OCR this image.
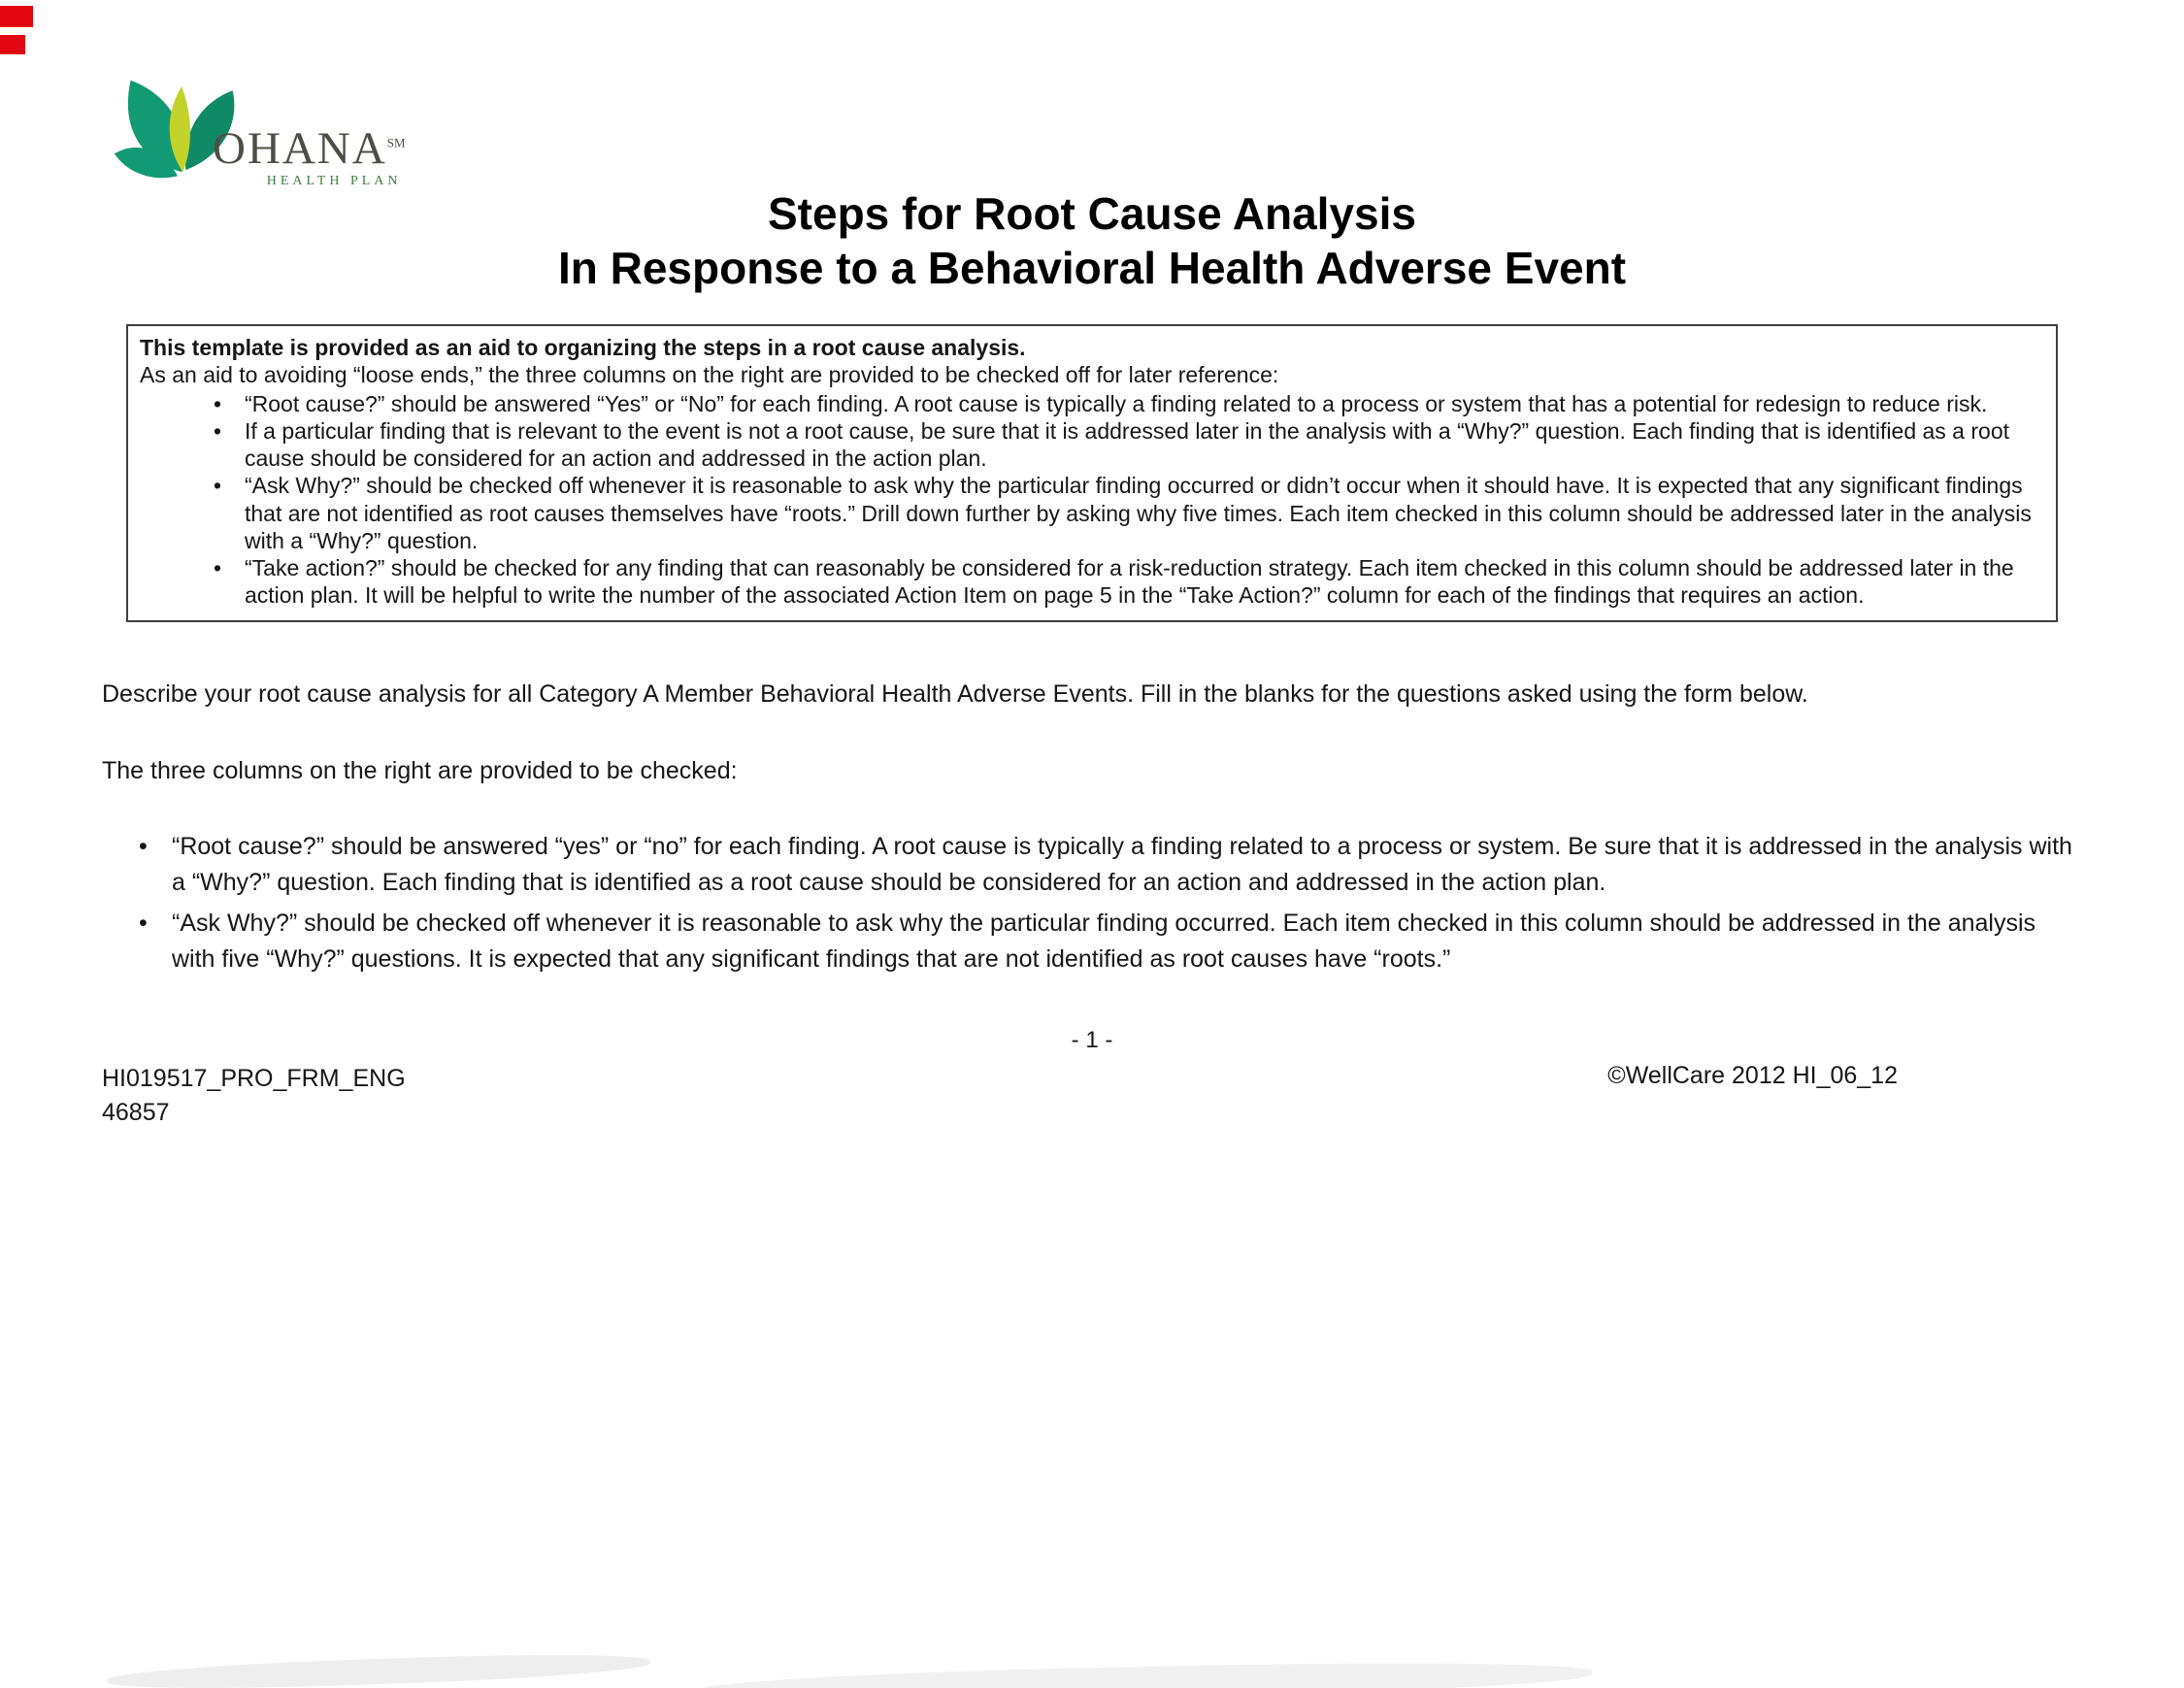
OHANA℠
HEALTH PLAN
Steps for Root Cause Analysis
In Response to a Behavioral Health Adverse Event

This template is provided as an aid to organizing the steps in a root cause analysis.

As an aid to avoiding “loose ends,” the three columns on the right are provided to be checked off for later reference:

• “Root cause?” should be answered “Yes” or “No” for each finding. A root cause is typically a finding related to a process or system that has a potential for redesign to reduce risk.
• If a particular finding that is relevant to the event is not a root cause, be sure that it is addressed later in the analysis with a “Why?” question. Each finding that is identified as a root cause should be considered for an action and addressed in the action plan.
• “Ask Why?” should be checked off whenever it is reasonable to ask why the particular finding occurred or didn’t occur when it should have. It is expected that any significant findings that are not identified as root causes themselves have “roots.” Drill down further by asking why five times. Each item checked in this column should be addressed later in the analysis with a “Why?” question.
• “Take action?” should be checked for any finding that can reasonably be considered for a risk-reduction strategy. Each item checked in this column should be addressed later in the action plan. It will be helpful to write the number of the associated Action Item on page 5 in the “Take Action?” column for each of the findings that requires an action.

Describe your root cause analysis for all Category A Member Behavioral Health Adverse Events. Fill in the blanks for the questions asked using the form below.

The three columns on the right are provided to be checked:

• “Root cause?” should be answered “yes” or “no” for each finding. A root cause is typically a finding related to a process or system. Be sure that it is addressed in the analysis with a “Why?” question. Each finding that is identified as a root cause should be considered for an action and addressed in the action plan.
• “Ask Why?” should be checked off whenever it is reasonable to ask why the particular finding occurred. Each item checked in this column should be addressed in the analysis with five “Why?” questions. It is expected that any significant findings that are not identified as root causes have “roots.”
- 1 -
HI019517_PRO_FRM_ENG
46857
©WellCare 2012 HI_06_12
